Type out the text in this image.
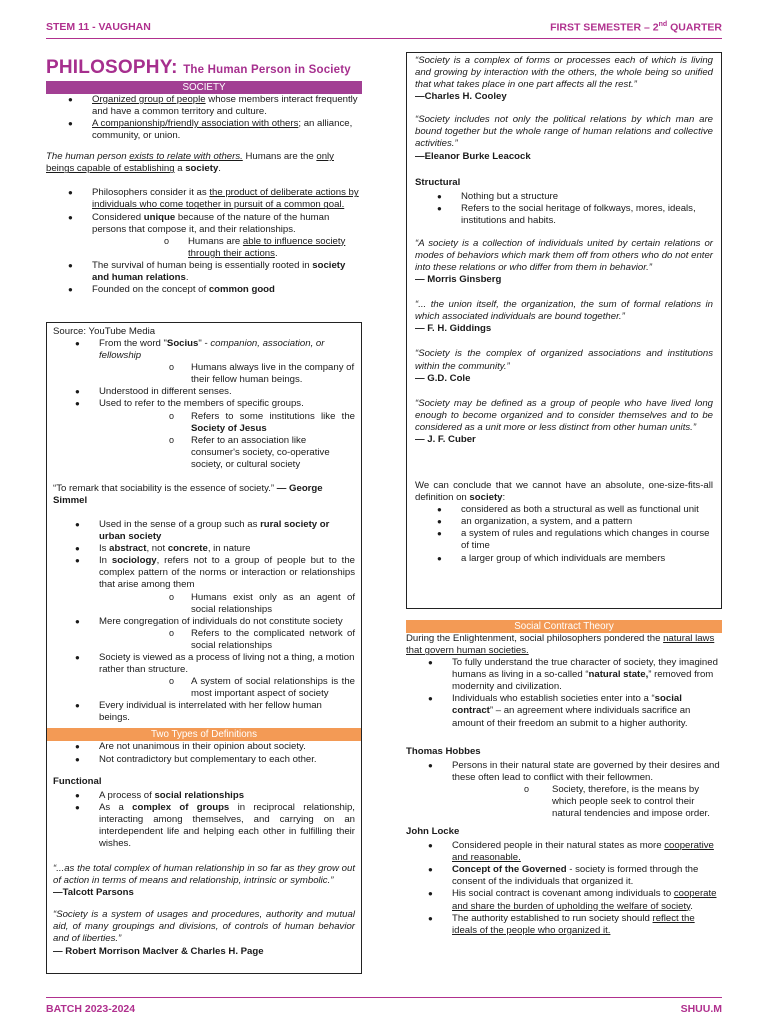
STEM 11 - VAUGHAN	FIRST SEMESTER – 2nd QUARTER
BATCH 2023-2024	SHUU.M
PHILOSOPHY: The Human Person in Society
SOCIETY
● Organized group of people whose members interact frequently and have a common territory and culture.
● A companionship/friendly association with others; an alliance, community, or union.

The human person exists to relate with others. Humans are the only beings capable of establishing a society.

● Philosophers consider it as the product of deliberate actions by individuals who come together in pursuit of a common goal.
● Considered unique because of the nature of the human persons that compose it, and their relationships.
o Humans are able to influence society through their actions.
● The survival of human being is essentially rooted in society and human relations.
● Founded on the concept of common good
Source: YouTube Media
● From the word "Socius" - companion, association, or fellowship
o Humans always live in the company of their fellow human beings.
● Understood in different senses.
● Used to refer to the members of specific groups.
o Refers to some institutions like the Society of Jesus
o Refer to an association like consumer's society, co-operative society, or cultural society

“To remark that sociability is the essence of society.” — George Simmel

● Used in the sense of a group such as rural society or urban society
● Is abstract, not concrete, in nature
● In sociology, refers not to a group of people but to the complex pattern of the norms or interaction or relationships that arise among them
o Humans exist only as an agent of social relationships
● Mere congregation of individuals do not constitute society
o Refers to the complicated network of social relationships
● Society is viewed as a process of living not a thing, a motion rather than structure.
o A system of social relationships is the most important aspect of society
● Every individual is interrelated with her fellow human beings.
Two Types of Definitions
● Are not unanimous in their opinion about society.
● Not contradictory but complementary to each other.
Functional
● A process of social relationships
● As a complex of groups in reciprocal relationship, interacting among themselves, and carrying on an interdependent life and helping each other in fulfilling their wishes.
“...as the total complex of human relationship in so far as they grow out of action in terms of means and relationship, intrinsic or symbolic.”
—Talcott Parsons
“Society is a system of usages and procedures, authority and mutual aid, of many groupings and divisions, of controls of human behavior and of liberties.”
— Robert Morrison MacIver & Charles H. Page
“Society is a complex of forms or processes each of which is living and growing by interaction with the others, the whole being so unified that what takes place in one part affects all the rest.”
—Charles H. Cooley
“Society includes not only the political relations by which man are bound together but the whole range of human relations and collective activities.”
—Eleanor Burke Leacock
Structural
● Nothing but a structure
● Refers to the social heritage of folkways, mores, ideals, institutions and habits.
“A society is a collection of individuals united by certain relations or modes of behaviors which mark them off from others who do not enter into these relations or who differ from them in behavior.”
— Morris Ginsberg
“... the union itself, the organization, the sum of formal relations in which associated individuals are bound together.”
— F. H. Giddings
“Society is the complex of organized associations and institutions within the community.”
— G.D. Cole
“Society may be defined as a group of people who have lived long enough to become organized and to consider themselves and to be considered as a unit more or less distinct from other human units.”
— J. F. Cuber

We can conclude that we cannot have an absolute, one-size-fits-all definition on society:

● considered as both a structural as well as functional unit
● an organization, a system, and a pattern
● a system of rules and regulations which changes in course of time
● a larger group of which individuals are members
Social Contract Theory

During the Enlightenment, social philosophers pondered the natural laws that govern human societies.

● To fully understand the true character of society, they imagined humans as living in a so-called “natural state,” removed from modernity and civilization.
● Individuals who establish societies enter into a “social contract” – an agreement where individuals sacrifice an amount of their freedom an submit to a higher authority.
Thomas Hobbes
● Persons in their natural state are governed by their desires and these often lead to conflict with their fellowmen.
o Society, therefore, is the means by which people seek to control their natural tendencies and impose order.
John Locke
● Considered people in their natural states as more cooperative and reasonable.
● Concept of the Governed - society is formed through the consent of the individuals that organized it.
● His social contract is covenant among individuals to cooperate and share the burden of upholding the welfare of society.
● The authority established to run society should reflect the ideals of the people who organized it.
